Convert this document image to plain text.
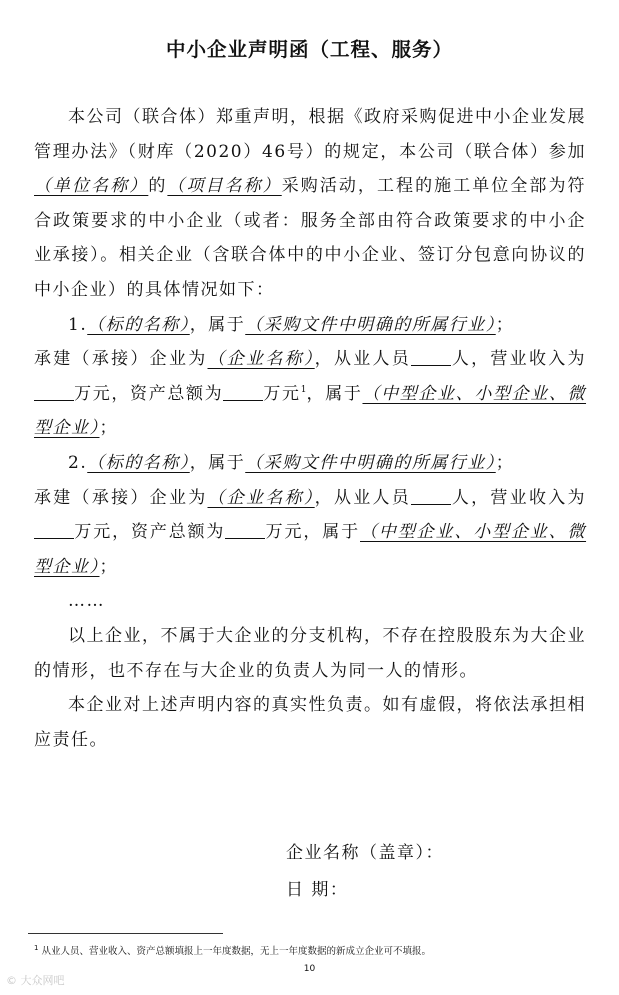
中小企业声明函（工程、服务）

本公司（联合体）郑重声明，根据《政府采购促进中小企业发展管理办法》（财库（2020）46号）的规定，本公司（联合体）参加（单位名称）的（项目名称）采购活动，工程的施工单位全部为符合政策要求的中小企业（或者：服务全部由符合政策要求的中小企业承接）。相关企业（含联合体中的中小企业、签订分包意向协议的中小企业）的具体情况如下：

1.（标的名称），属于（采购文件中明确的所属行业）；

承建（承接）企业为（企业名称），从业人员 人，营业收入为万元，资产总额为 万元$^1$，属于（中型企业、小型企业、微型企业）；

2.（标的名称），属于（采购文件中明确的所属行业）；

承建（承接）企业为（企业名称），从业人员 人，营业收入为万元，资产总额为 万元，属于（中型企业、小型企业、微型企业）；

……

以上企业，不属于大企业的分支机构，不存在控股股东为大企业的情形，也不存在与大企业的负责人为同一人的情形。

本企业对上述声明内容的真实性负责。如有虚假，将依法承担相应责任。

企业名称（盖章）：
日 期：
$^1$ 从业人员、营业收入、资产总额填报上一年度数据，无上一年度数据的新成立企业可不填报。
10
© 大众网吧
